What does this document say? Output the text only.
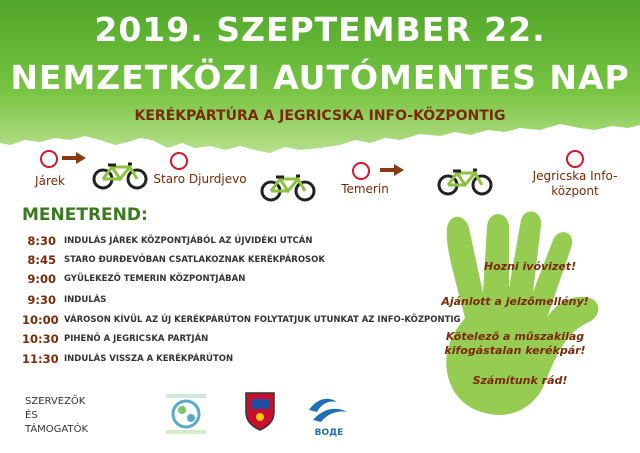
2019. SZEPTEMBER 22.
NEMZETKÖZI AUTÓMENTES NAP
KERÉKPÁRTÚRA A JEGRICSKA INFO-KÖZPONTIG
Járek	Staro Djurdjevo
Temerin
Jegricska Info-központ
MENETREND:
8:30 INDULÁS JÁREK KÖZPONTJÁBÓL AZ ÚJVIDÉKI UTCÁN
8:45 STARO ĐURĐEVÓBAN CSATLAKOZNAK KERÉKPÁROSOK
9:00 GYÜLEKEZŐ TEMERIN KÖZPONTJÁBAN
9:30 INDULÁS
10:00 VÁROSON KÍVÜL AZ ÚJ KERÉKPÁRÚTON FOLYTATJUK UTUNKAT AZ INFO-KÖZPONTIG
10:30 PIHENŐ A JEGRICSKA PARTJÁN
11:30 INDULÁS VISSZA A KERÉKPÁRÚTON
Hozni ivóvizet!
Ajánlott a jelzőmellény!
Kötelező a műszakilag
kifogástalan kerékpár!
Számítunk rád!
SZERVEZŐK
ÉS
TÁMOGATÓK	BOДE
